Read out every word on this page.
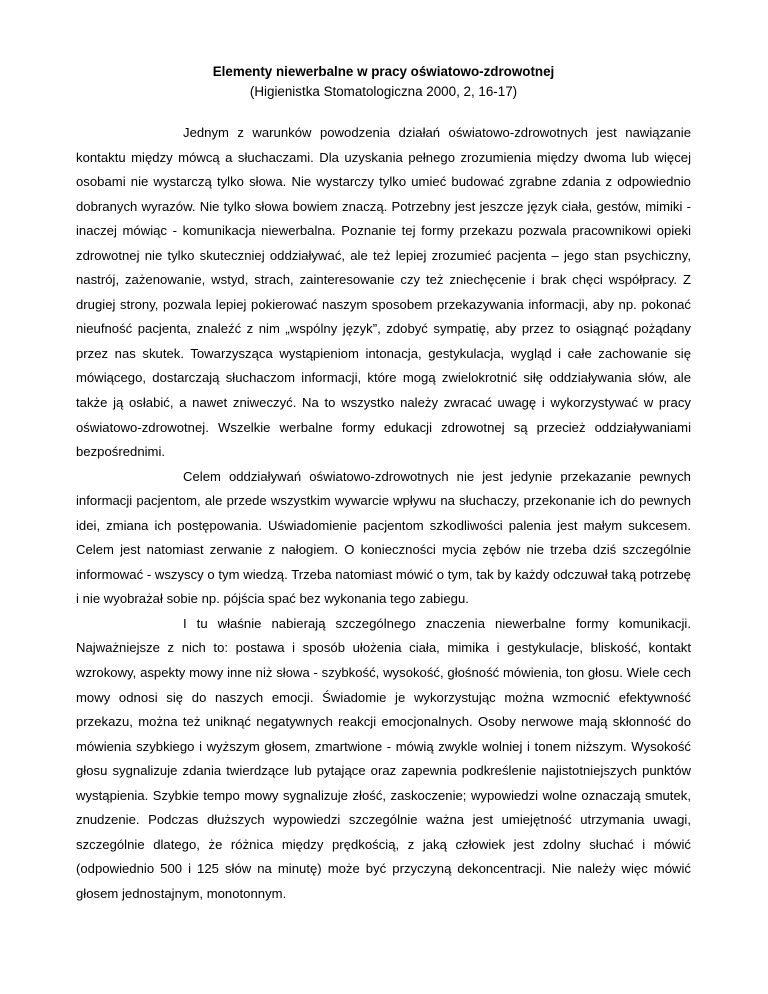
Elementy niewerbalne w pracy oświatowo-zdrowotnej

(Higienistka Stomatologiczna 2000, 2, 16-17)

Jednym z warunków powodzenia działań oświatowo-zdrowotnych jest nawiązanie kontaktu między mówcą a słuchaczami. Dla uzyskania pełnego zrozumienia między dwoma lub więcej osobami nie wystarczą tylko słowa. Nie wystarczy tylko umieć budować zgrabne zdania z odpowiednio dobranych wyrazów. Nie tylko słowa bowiem znaczą. Potrzebny jest jeszcze język ciała, gestów, mimiki - inaczej mówiąc - komunikacja niewerbalna. Poznanie tej formy przekazu pozwala pracownikowi opieki zdrowotnej nie tylko skuteczniej oddziaływać, ale też lepiej zrozumieć pacjenta – jego stan psychiczny, nastrój, zażenowanie, wstyd, strach, zainteresowanie czy też zniechęcenie i brak chęci współpracy. Z drugiej strony, pozwala lepiej pokierować naszym sposobem przekazywania informacji, aby np. pokonać nieufność pacjenta, znaleźć z nim „wspólny język”, zdobyć sympatię, aby przez to osiągnąć pożądany przez nas skutek. Towarzysząca wystąpieniom intonacja, gestykulacja, wygląd i całe zachowanie się mówiącego, dostarczają słuchaczom informacji, które mogą zwielokrotnić siłę oddziaływania słów, ale także ją osłabić, a nawet zniweczyć. Na to wszystko należy zwracać uwagę i wykorzystywać w pracy oświatowo-zdrowotnej. Wszelkie werbalne formy edukacji zdrowotnej są przecież oddziaływaniami bezpośrednimi.

Celem oddziaływań oświatowo-zdrowotnych nie jest jedynie przekazanie pewnych informacji pacjentom, ale przede wszystkim wywarcie wpływu na słuchaczy, przekonanie ich do pewnych idei, zmiana ich postępowania. Uświadomienie pacjentom szkodliwości palenia jest małym sukcesem. Celem jest natomiast zerwanie z nałogiem. O konieczności mycia zębów nie trzeba dziś szczególnie informować - wszyscy o tym wiedzą. Trzeba natomiast mówić o tym, tak by każdy odczuwał taką potrzebę i nie wyobrażał sobie np. pójścia spać bez wykonania tego zabiegu.

I tu właśnie nabierają szczególnego znaczenia niewerbalne formy komunikacji. Najważniejsze z nich to: postawa i sposób ułożenia ciała, mimika i gestykulacje, bliskość, kontakt wzrokowy, aspekty mowy inne niż słowa - szybkość, wysokość, głośność mówienia, ton głosu. Wiele cech mowy odnosi się do naszych emocji. Świadomie je wykorzystując można wzmocnić efektywność przekazu, można też uniknąć negatywnych reakcji emocjonalnych. Osoby nerwowe mają skłonność do mówienia szybkiego i wyższym głosem, zmartwione - mówią zwykle wolniej i tonem niższym. Wysokość głosu sygnalizuje zdania twierdzące lub pytające oraz zapewnia podkreślenie najistotniejszych punktów wystąpienia. Szybkie tempo mowy sygnalizuje złość, zaskoczenie; wypowiedzi wolne oznaczają smutek, znudzenie. Podczas dłuższych wypowiedzi szczególnie ważna jest umiejętność utrzymania uwagi, szczególnie dlatego, że różnica między prędkością, z jaką człowiek jest zdolny słuchać i mówić (odpowiednio 500 i 125 słów na minutę) może być przyczyną dekoncentracji. Nie należy więc mówić głosem jednostajnym, monotonnym.
